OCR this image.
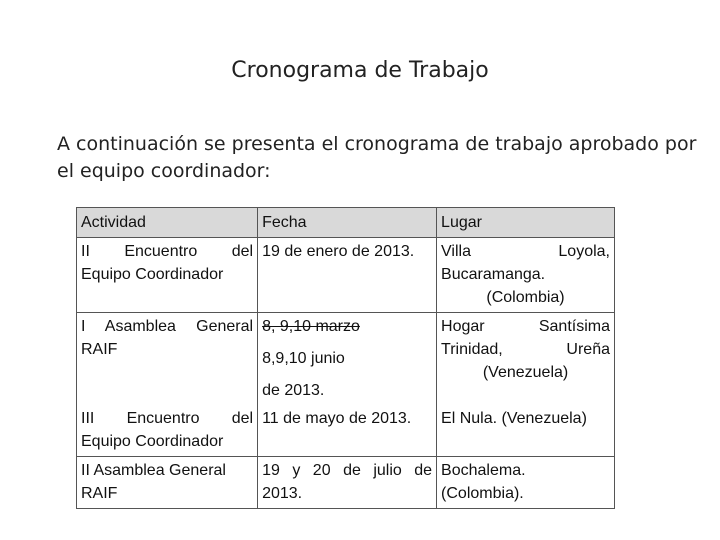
Cronograma de Trabajo
A continuación se presenta el cronograma de trabajo aprobado por el equipo coordinador:
Actividad	Fecha	Lugar

II Encuentro del
Equipo Coordinador	19 de enero de 2013.	Villa Loyola,
Bucaramanga.
(Colombia)

I Asamblea General
RAIF	8, 9,10 marzo
8,9,10 junio
de 2013.	Hogar Santísima
Trinidad, Ureña
(Venezuela)

III Encuentro del
Equipo Coordinador	11 de mayo de 2013.	El Nula. (Venezuela)

II Asamblea General
RAIF	19 y 20 de julio de
2013.	Bochalema.
(Colombia).
